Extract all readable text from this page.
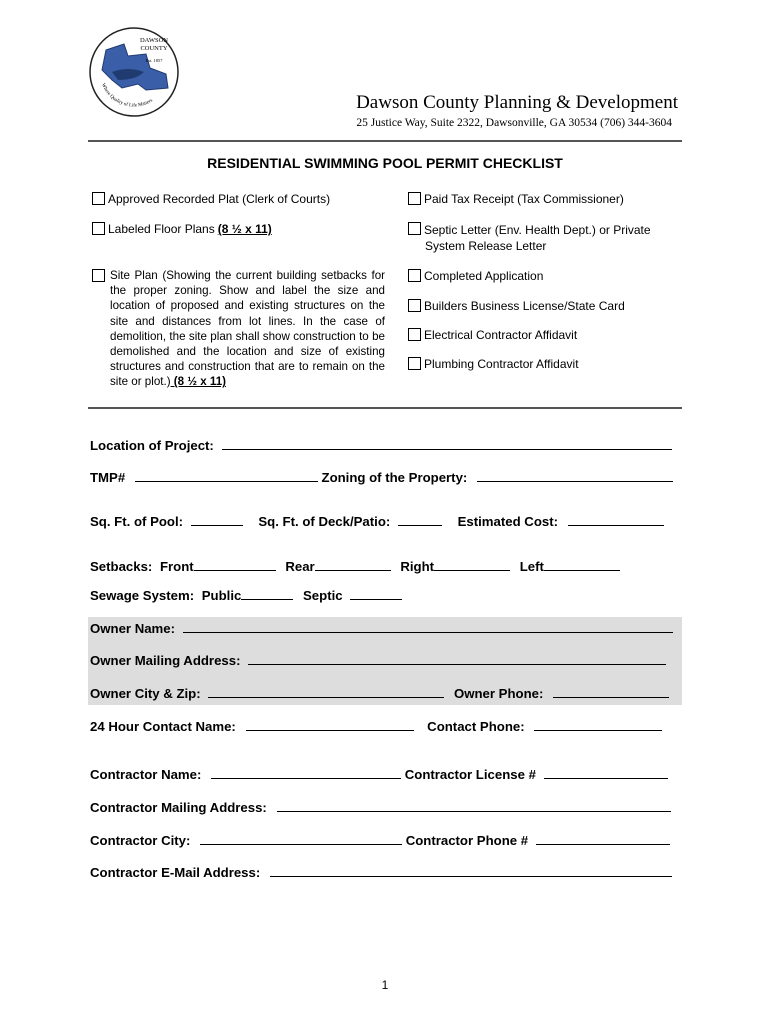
DAWSON
COUNTY
Est. 1857
Where Quality of Life Matters	Dawson County Planning & Development
25 Justice Way, Suite 2322, Dawsonville, GA 30534 (706) 344-3604
RESIDENTIAL SWIMMING POOL PERMIT CHECKLIST
Approved Recorded Plat (Clerk of Courts)
Labeled Floor Plans (8 ½ x 11)
Site Plan (Showing the current building setbacks for the proper zoning. Show and label the size and location of proposed and existing structures on the site and distances from lot lines. In the case of demolition, the site plan shall show construction to be demolished and the location and size of existing structures and construction that are to remain on the site or plot.) (8 ½ x 11)
Paid Tax Receipt (Tax Commissioner)
Septic Letter (Env. Health Dept.) or Private
System Release Letter
Completed Application
Builders Business License/State Card
Electrical Contractor Affidavit
Plumbing Contractor Affidavit
Location of Project:
TMP#	Zoning of the Property:
Sq. Ft. of Pool:	Sq. Ft. of Deck/Patio:	Estimated Cost:
Setbacks: Front	Rear	Right	Left
Sewage System: Public	Septic
Owner Name:
Owner Mailing Address:
Owner City & Zip:	Owner Phone:
24 Hour Contact Name:	Contact Phone:
Contractor Name:	Contractor License #
Contractor Mailing Address:
Contractor City:	Contractor Phone #
Contractor E-Mail Address:
1
